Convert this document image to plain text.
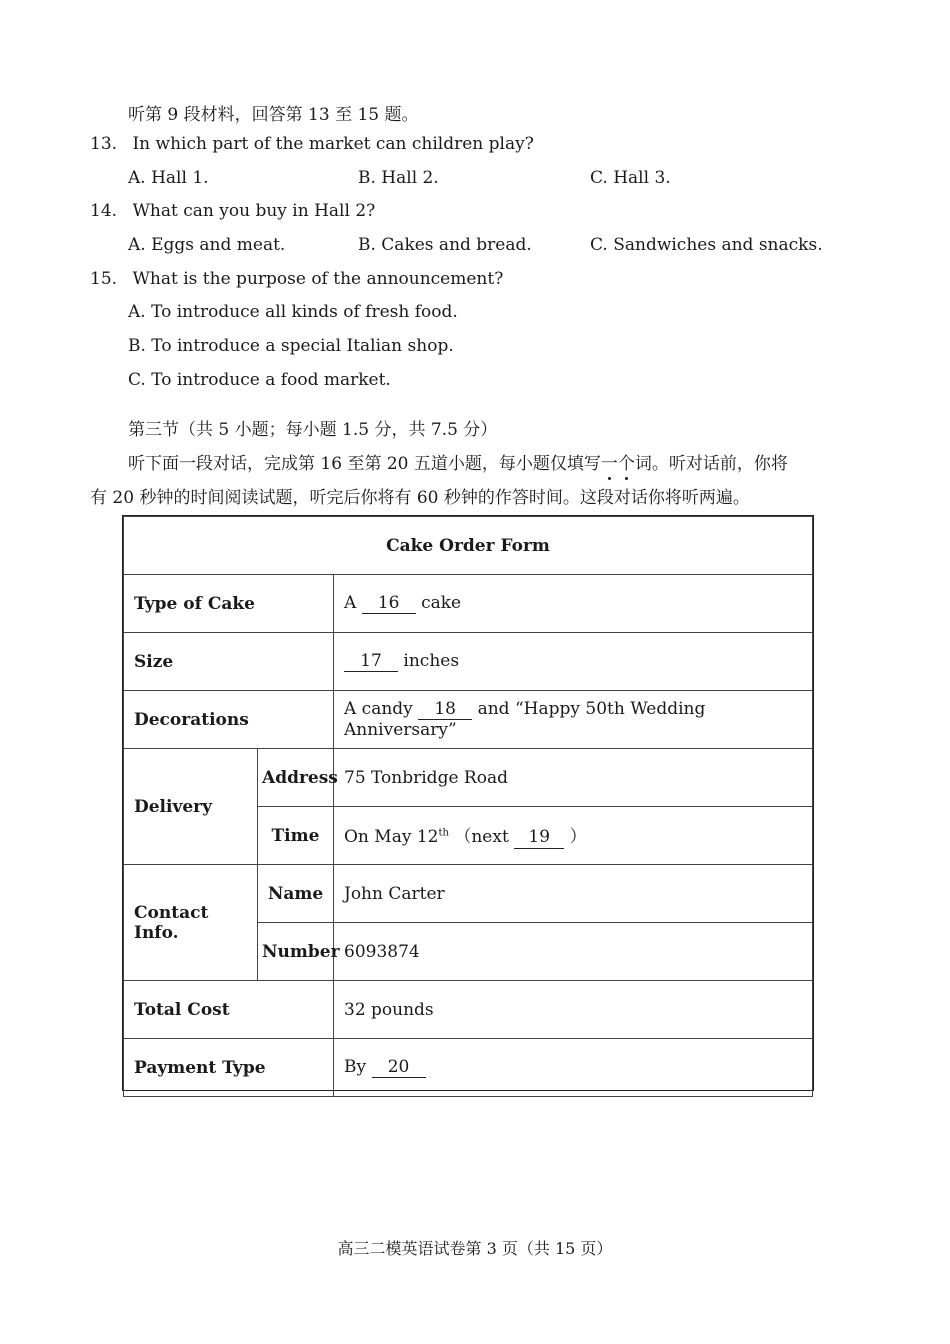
听第 9 段材料，回答第 13 至 15 题。
13. In which part of the market can children play?
A. Hall 1.	B. Hall 2.	C. Hall 3.
14. What can you buy in Hall 2?
A. Eggs and meat.	B. Cakes and bread.	C. Sandwiches and snacks.
15. What is the purpose of the announcement?
A. To introduce all kinds of fresh food.
B. To introduce a special Italian shop.
C. To introduce a food market.
第三节（共 5 小题；每小题 1.5 分，共 7.5 分）
听下面一段对话，完成第 16 至第 20 五道小题，每小题仅填写一个词。听对话前，你将
有 20 秒钟的时间阅读试题，听完后你将有 60 秒钟的作答时间。这段对话你将听两遍。
Cake Order Form		
Type of Cake		A 16 cake
Size		17 inches
Decorations		A candy 18 and “Happy 50th Wedding Anniversary”
Delivery	Address	75 Tonbridge Road
	Time	On May 12th （next 19 ）
Contact Info.	Name	John Carter
	Number	6093874
Total Cost		32 pounds
Payment Type		By 20
高三二模英语试卷第 3 页（共 15 页）
